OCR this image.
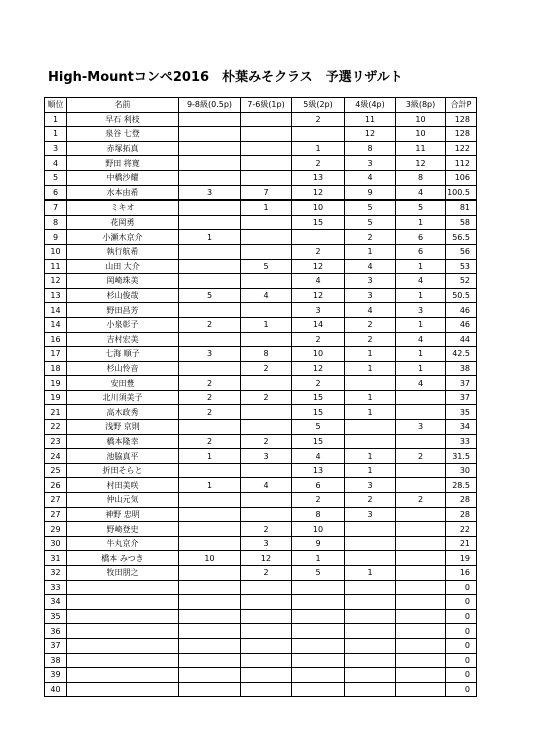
High-Mountコンペ2016　朴葉みそクラス　予選リザルト
順位	名前	9-8級(0.5p)	7-6級(1p)	5級(2p)	4級(4p)	3級(8p)	合計P
1	早石 利枝			2	11	10	128
1	泉谷 七登				12	10	128
3	赤塚拓真			1	8	11	122
4	野田 将寛			2	3	12	112
5	中橋沙耀			13	4	8	106
6	水本由希	3	7	12	9	4	100.5
7	ミキオ		1	10	5	5	81
8	花岡勇			15	5	1	58
9	小瀬木京介	1			2	6	56.5
10	執行航希			2	1	6	56
11	山田 大介		5	12	4	1	53
12	岡崎珠美			4	3	4	52
13	杉山俊哉	5	4	12	3	1	50.5
14	野田昌芳			3	4	3	46
14	小泉彰子	2	1	14	2	1	46
16	吉村宏美			2	2	4	44
17	七海 順子	3	8	10	1	1	42.5
18	杉山怜音		2	12	1	1	38
19	安田豊	2		2		4	37
19	北川須美子	2	2	15	1		37
21	高木政秀	2		15	1		35
22	浅野 京則			5		3	34
23	橋本隆幸	2	2	15			33
24	池脇真平	1	3	4	1	2	31.5
25	折田そらと			13	1		30
26	村田美咲	1	4	6	3		28.5
27	仲山元気			2	2	2	28
27	神野 忠明			8	3		28
29	野崎登史		2	10			22
30	牛丸京介		3	9			21
31	橋本 みつき	10	12	1			19
32	牧田朋之		2	5	1		16
33							0
34							0
35							0
36							0
37							0
38							0
39							0
40							0
